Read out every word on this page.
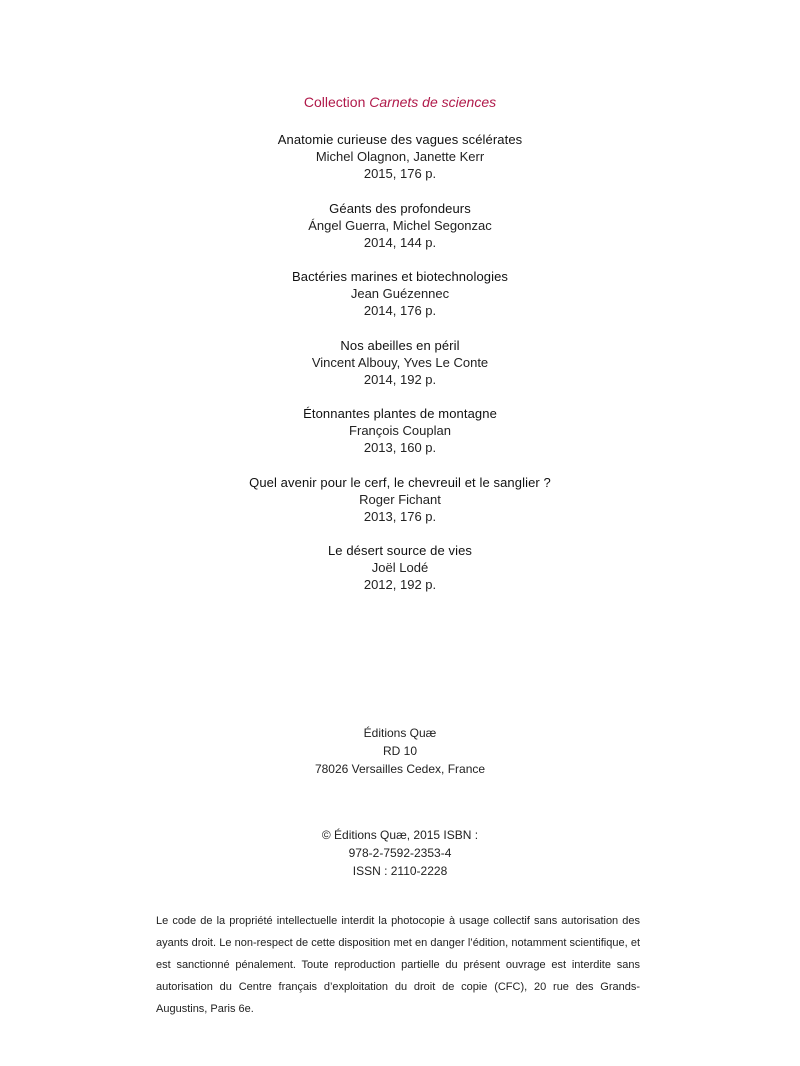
Collection Carnets de sciences
Anatomie curieuse des vagues scélérates
Michel Olagnon, Janette Kerr
2015, 176 p.
Géants des profondeurs
Ángel Guerra, Michel Segonzac
2014, 144 p.
Bactéries marines et biotechnologies
Jean Guézennec
2014, 176 p.
Nos abeilles en péril
Vincent Albouy, Yves Le Conte
2014, 192 p.
Étonnantes plantes de montagne
François Couplan
2013, 160 p.
Quel avenir pour le cerf, le chevreuil et le sanglier ?
Roger Fichant
2013, 176 p.
Le désert source de vies
Joël Lodé
2012, 192 p.
Éditions Quæ
RD 10
78026 Versailles Cedex, France
© Éditions Quæ, 2015 ISBN :
978-2-7592-2353-4
ISSN : 2110-2228
Le code de la propriété intellectuelle interdit la photocopie à usage collectif sans autorisation des ayants droit. Le non-respect de cette disposition met en danger l’édition, notamment scientifique, et est sanctionné pénalement. Toute reproduction partielle du présent ouvrage est interdite sans autorisation du Centre français d’exploitation du droit de copie (CFC), 20 rue des Grands-Augustins, Paris 6e.
